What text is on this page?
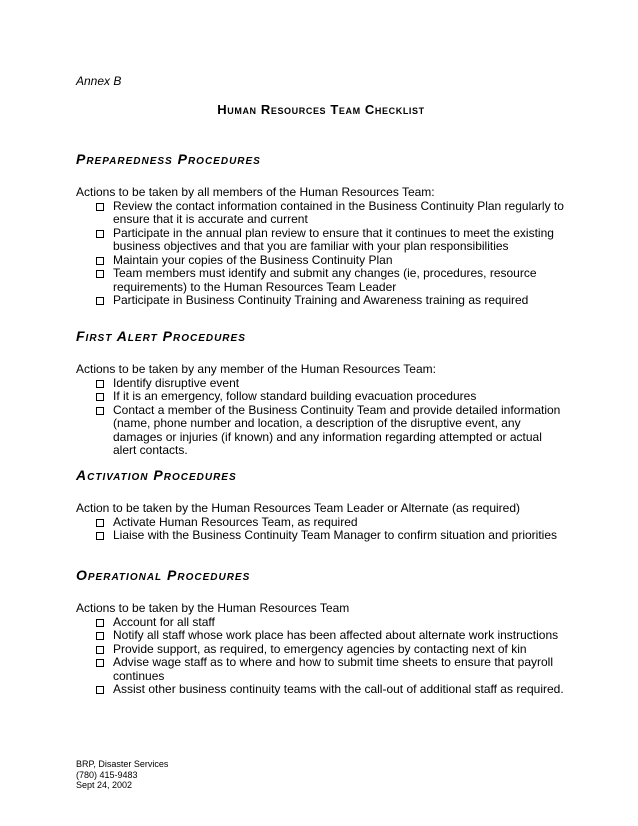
Annex B
Human Resources Team Checklist
Preparedness Procedures

Actions to be taken by all members of the Human Resources Team:

Review the contact information contained in the Business Continuity Plan regularly to ensure that it is accurate and current
Participate in the annual plan review to ensure that it continues to meet the existing business objectives and that you are familiar with your plan responsibilities
Maintain your copies of the Business Continuity Plan
Team members must identify and submit any changes (ie, procedures, resource requirements) to the Human Resources Team Leader
Participate in Business Continuity Training and Awareness training as required
First Alert Procedures

Actions to be taken by any member of the Human Resources Team:

Identify disruptive event
If it is an emergency, follow standard building evacuation procedures
Contact a member of the Business Continuity Team and provide detailed information (name, phone number and location, a description of the disruptive event, any damages or injuries (if known) and any information regarding attempted or actual alert contacts.
Activation Procedures

Action to be taken by the Human Resources Team Leader or Alternate (as required)

Activate Human Resources Team, as required
Liaise with the Business Continuity Team Manager to confirm situation and priorities
Operational Procedures

Actions to be taken by the Human Resources Team

Account for all staff
Notify all staff whose work place has been affected about alternate work instructions
Provide support, as required, to emergency agencies by contacting next of kin
Advise wage staff as to where and how to submit time sheets to ensure that payroll continues
Assist other business continuity teams with the call-out of additional staff as required.
BRP, Disaster Services
(780) 415-9483
Sept 24, 2002
